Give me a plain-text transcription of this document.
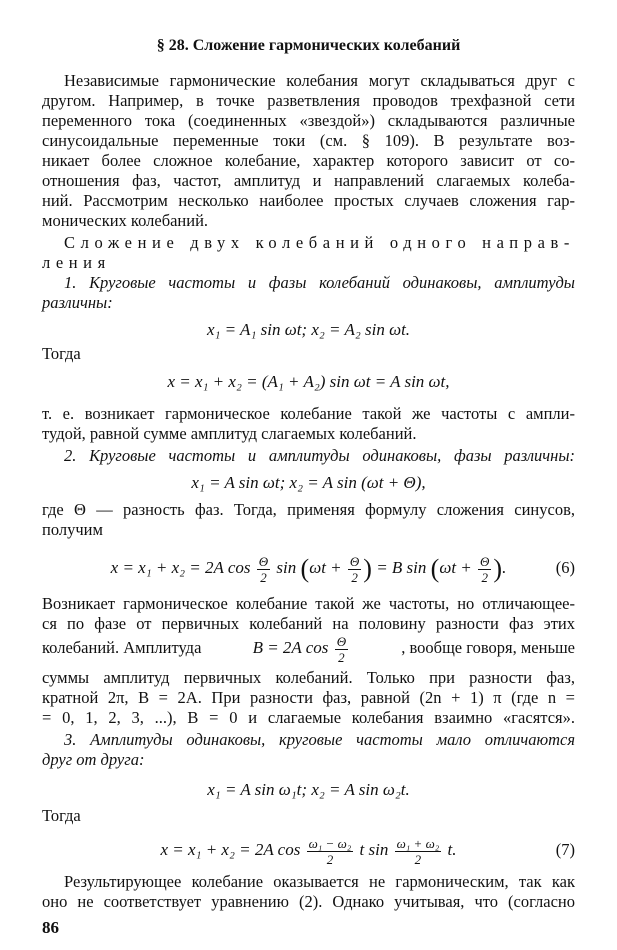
§ 28. Сложение гармонических колебаний
Независимые гармонические колебания могут складываться друг с
другом. Например, в точке разветвления проводов трехфазной сети
переменного тока (соединенных «звездой») складываются различные
синусоидальные переменные токи (см. § 109). В результате воз-
никает более сложное колебание, характер которого зависит от со-
отношения фаз, частот, амплитуд и направлений слагаемых колеба-
ний. Рассмотрим несколько наиболее простых случаев сложения гар-
монических колебаний.
Сложение двух колебаний одного направ-
ления
1. Круговые частоты и фазы колебаний одинаковы, амплитуды
различны:
x₁ = A₁ sin ωt; x₂ = A₂ sin ωt.
Тогда
x = x₁ + x₂ = (A₁ + A₂) sin ωt = A sin ωt,
т. е. возникает гармоническое колебание такой же частоты с ампли-
тудой, равной сумме амплитуд слагаемых колебаний.
2. Круговые частоты и амплитуды одинаковы, фазы различны:
x₁ = A sin ωt; x₂ = A sin (ωt + Θ),
где Θ — разность фаз. Тогда, применяя формулу сложения синусов,
получим
x = x₁ + x₂ = 2A $\cos \frac{\Theta}{2}$ $\sin (\omega t + \frac{\Theta}{2}$ ) = B $\sin (\omega t + \frac{\Theta}{2}$ ).	(6)
Возникает гармоническое колебание такой же частоты, но отличающее-
ся по фазе от первичных колебаний на половину разности фаз этих
колебаний. Амплитуда	B = 2A $\cos \frac{\Theta}{2}$	, вообще говоря, меньше
суммы амплитуд первичных колебаний. Только при разности фаз,
кратной 2π, B = 2A. При разности фаз, равной (2n + 1) π (где n =
= 0, 1, 2, 3, ...), B = 0 и слагаемые колебания взаимно «гасятся».
3. Амплитуды одинаковы, круговые частоты мало отличаются
друг от друга:
x₁ = A sin ω₁t; x₂ = A sin ω₂t.
Тогда
x = x₁ + x₂ = 2A $\cos \frac{\text{ω₁ − ω₂}}{2}$ t $\sin \frac{\text{ω₁ + ω₂}}{2} t$.	(7)
Результирующее колебание оказывается не гармоническим, так как
оно не соответствует уравнению (2). Однако учитывая, что (согласно
86
